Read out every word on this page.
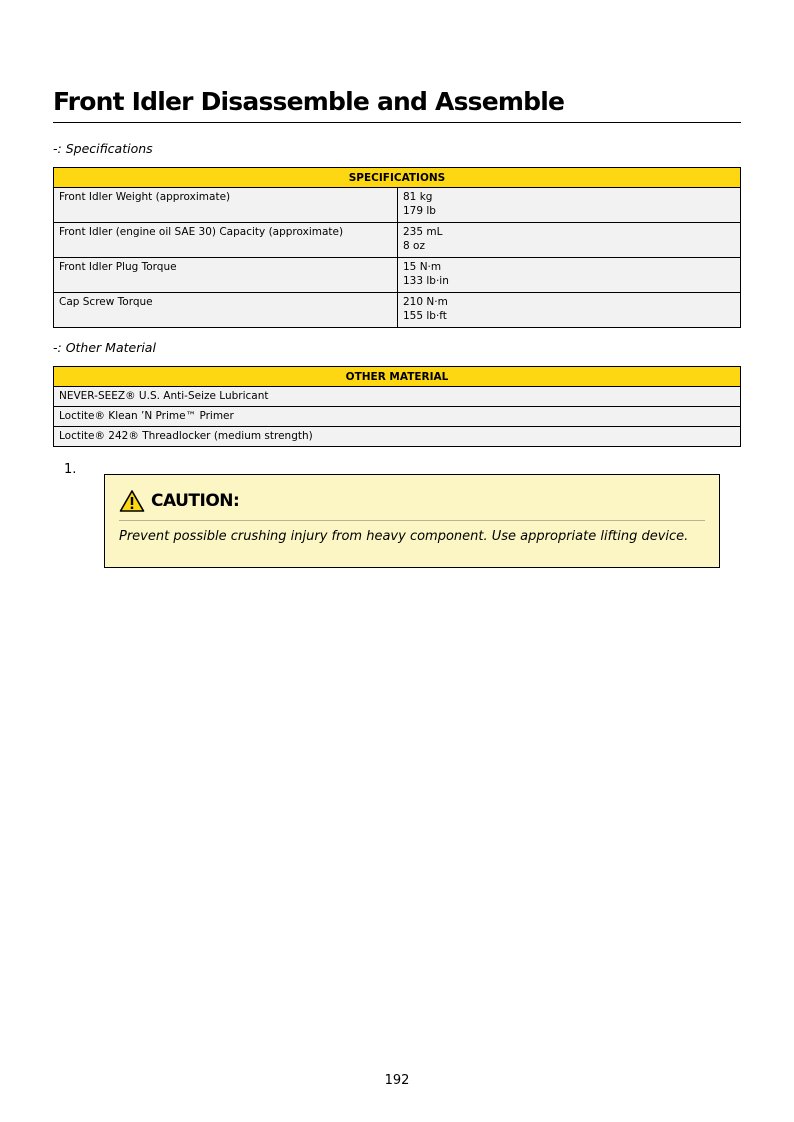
Front Idler Disassemble and Assemble
-: Specifications
SPECIFICATIONS	
Front Idler Weight (approximate)	81 kg
179 lb

Front Idler (engine oil SAE 30) Capacity (approximate)	235 mL
8 oz

Front Idler Plug Torque	15 N·m
133 lb·in

Cap Screw Torque	210 N·m
155 lb·ft
-: Other Material
OTHER MATERIAL
NEVER-SEEZ® U.S. Anti-Seize Lubricant
Loctite® Klean ’N Prime™ Primer
Loctite® 242® Threadlocker (medium strength)
1.
CAUTION:
Prevent possible crushing injury from heavy component. Use appropriate lifting device.
192
